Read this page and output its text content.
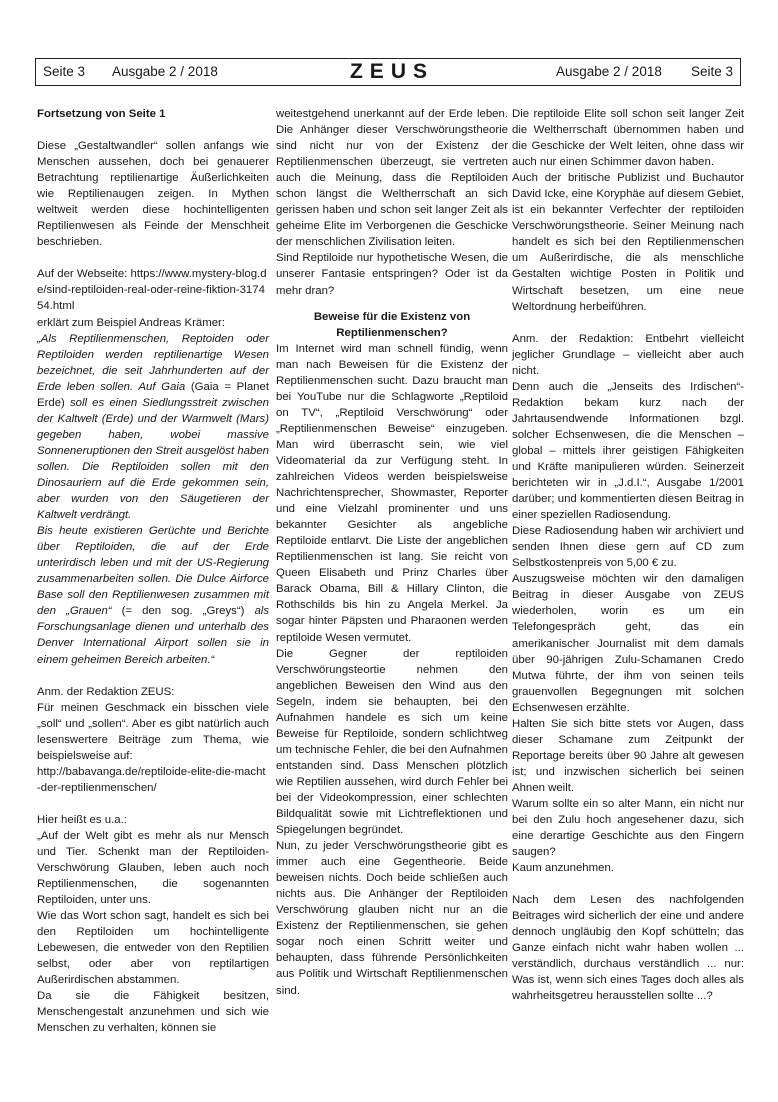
Seite 3 Ausgabe 2 / 2018	ZEUS	Ausgabe 2 / 2018 Seite 3

Fortsetzung von Seite 1

Diese „Gestaltwandler“ sollen anfangs wie Menschen aussehen, doch bei genauerer Betrachtung reptilienartige Äußerlichkeiten wie Reptilienaugen zeigen. In Mythen weltweit werden diese hochintelligenten Reptilienwesen als Feinde der Menschheit beschrieben.

Auf der Webseite: https://www.mystery-blog.de/sind-reptiloiden-real-oder-reine-fiktion-317454.html

erklärt zum Beispiel Andreas Krämer:

„Als Reptilienmenschen, Reptoiden oder Reptiloiden werden reptilienartige Wesen bezeichnet, die seit Jahrhunderten auf der Erde leben sollen. Auf Gaia (Gaia = Planet Erde) soll es einen Siedlungsstreit zwischen der Kaltwelt (Erde) und der Warmwelt (Mars) gegeben haben, wobei massive Sonneneruptionen den Streit ausgelöst haben sollen. Die Reptiloiden sollen mit den Dinosauriern auf die Erde gekommen sein, aber wurden von den Säugetieren der Kaltwelt verdrängt.

Bis heute existieren Gerüchte und Berichte über Reptiloiden, die auf der Erde unterirdisch leben und mit der US-Regierung zusammenarbeiten sollen. Die Dulce Airforce Base soll den Reptilienwesen zusammen mit den „Grauen“ (= den sog. „Greys“) als Forschungsanlage dienen und unterhalb des Denver International Airport sollen sie in einem geheimen Bereich arbeiten.“

Anm. der Redaktion ZEUS:

Für meinen Geschmack ein bisschen viele „soll“ und „sollen“. Aber es gibt natürlich auch lesenswertere Beiträge zum Thema, wie beispielsweise auf:

http://babavanga.de/reptiloide-elite-die-macht-der-reptilienmenschen/

Hier heißt es u.a.:

„Auf der Welt gibt es mehr als nur Mensch und Tier. Schenkt man der Reptiloiden-Verschwörung Glauben, leben auch noch Reptilienmenschen, die sogenannten Reptiloiden, unter uns.

Wie das Wort schon sagt, handelt es sich bei den Reptiloiden um hochintelligente Lebewesen, die entweder von den Reptilien selbst, oder aber von reptilartigen Außerirdischen abstammen.

Da sie die Fähigkeit besitzen, Menschengestalt anzunehmen und sich wie Menschen zu verhalten, können sie

weitestgehend unerkannt auf der Erde leben. Die Anhänger dieser Verschwörungstheorie sind nicht nur von der Existenz der Reptilienmenschen überzeugt, sie vertreten auch die Meinung, dass die Reptiloiden schon längst die Weltherrschaft an sich gerissen haben und schon seit langer Zeit als geheime Elite im Verborgenen die Geschicke der menschlichen Zivilisation leiten.

Sind Reptiloide nur hypothetische Wesen, die unserer Fantasie entspringen? Oder ist da mehr dran?

Beweise für die Existenz von Reptilienmenschen?

Im Internet wird man schnell fündig, wenn man nach Beweisen für die Existenz der Reptilienmenschen sucht. Dazu braucht man bei YouTube nur die Schlagworte „Reptiloid on TV“, „Reptiloid Verschwörung“ oder „Reptilienmenschen Beweise“ einzugeben. Man wird überrascht sein, wie viel Videomaterial da zur Verfügung steht. In zahlreichen Videos werden beispielsweise Nachrichtensprecher, Showmaster, Reporter und eine Vielzahl prominenter und uns bekannter Gesichter als angebliche Reptiloide entlarvt. Die Liste der angeblichen Reptilienmenschen ist lang. Sie reicht von Queen Elisabeth und Prinz Charles über Barack Obama, Bill & Hillary Clinton, die Rothschilds bis hin zu Angela Merkel. Ja sogar hinter Päpsten und Pharaonen werden reptiloide Wesen vermutet.

Die Gegner der reptiloiden Verschwörungsteortie nehmen den angeblichen Beweisen den Wind aus den Segeln, indem sie behaupten, bei den Aufnahmen handele es sich um keine Beweise für Reptiloide, sondern schlichtweg um technische Fehler, die bei den Aufnahmen entstanden sind. Dass Menschen plötzlich wie Reptilien aussehen, wird durch Fehler bei bei der Videokompression, einer schlechten Bildqualität sowie mit Lichtreflektionen und Spiegelungen begründet.

Nun, zu jeder Verschwörungstheorie gibt es immer auch eine Gegentheorie. Beide beweisen nichts. Doch beide schließen auch nichts aus. Die Anhänger der Reptiloiden Verschwörung glauben nicht nur an die Existenz der Reptilienmenschen, sie gehen sogar noch einen Schritt weiter und behaupten, dass führende Persönlichkeiten aus Politik und Wirtschaft Reptilienmenschen sind.

Die reptiloide Elite soll schon seit langer Zeit die Weltherrschaft übernommen haben und die Geschicke der Welt leiten, ohne dass wir auch nur einen Schimmer davon haben.

Auch der britische Publizist und Buchautor David Icke, eine Koryphäe auf diesem Gebiet, ist ein bekannter Verfechter der reptiloiden Verschwörungstheorie. Seiner Meinung nach handelt es sich bei den Reptilienmenschen um Außerirdische, die als menschliche Gestalten wichtige Posten in Politik und Wirtschaft besetzen, um eine neue Weltordnung herbeiführen.

Anm. der Redaktion: Entbehrt vielleicht jeglicher Grundlage – vielleicht aber auch nicht.

Denn auch die „Jenseits des Irdischen“-Redaktion bekam kurz nach der Jahrtausendwende Informationen bzgl. solcher Echsenwesen, die die Menschen – global – mittels ihrer geistigen Fähigkeiten und Kräfte manipulieren würden. Seinerzeit berichteten wir in „J.d.I.“, Ausgabe 1/2001 darüber; und kommentierten diesen Beitrag in einer speziellen Radiosendung.

Diese Radiosendung haben wir archiviert und senden Ihnen diese gern auf CD zum Selbstkostenpreis von 5,00 € zu.

Auszugsweise möchten wir den damaligen Beitrag in dieser Ausgabe von ZEUS wiederholen, worin es um ein Telefongespräch geht, das ein amerikanischer Journalist mit dem damals über 90-jährigen Zulu-Schamanen Credo Mutwa führte, der ihm von seinen teils grauenvollen Begegnungen mit solchen Echsenwesen erzählte.

Halten Sie sich bitte stets vor Augen, dass dieser Schamane zum Zeitpunkt der Reportage bereits über 90 Jahre alt gewesen ist; und inzwischen sicherlich bei seinen Ahnen weilt.

Warum sollte ein so alter Mann, ein nicht nur bei den Zulu hoch angesehener dazu, sich eine derartige Geschichte aus den Fingern saugen?

Kaum anzunehmen.

Nach dem Lesen des nachfolgenden Beitrages wird sicherlich der eine und andere dennoch ungläubig den Kopf schütteln; das Ganze einfach nicht wahr haben wollen ... verständlich, durchaus verständlich ... nur: Was ist, wenn sich eines Tages doch alles als wahrheitsgetreu herausstellen sollte ...?
